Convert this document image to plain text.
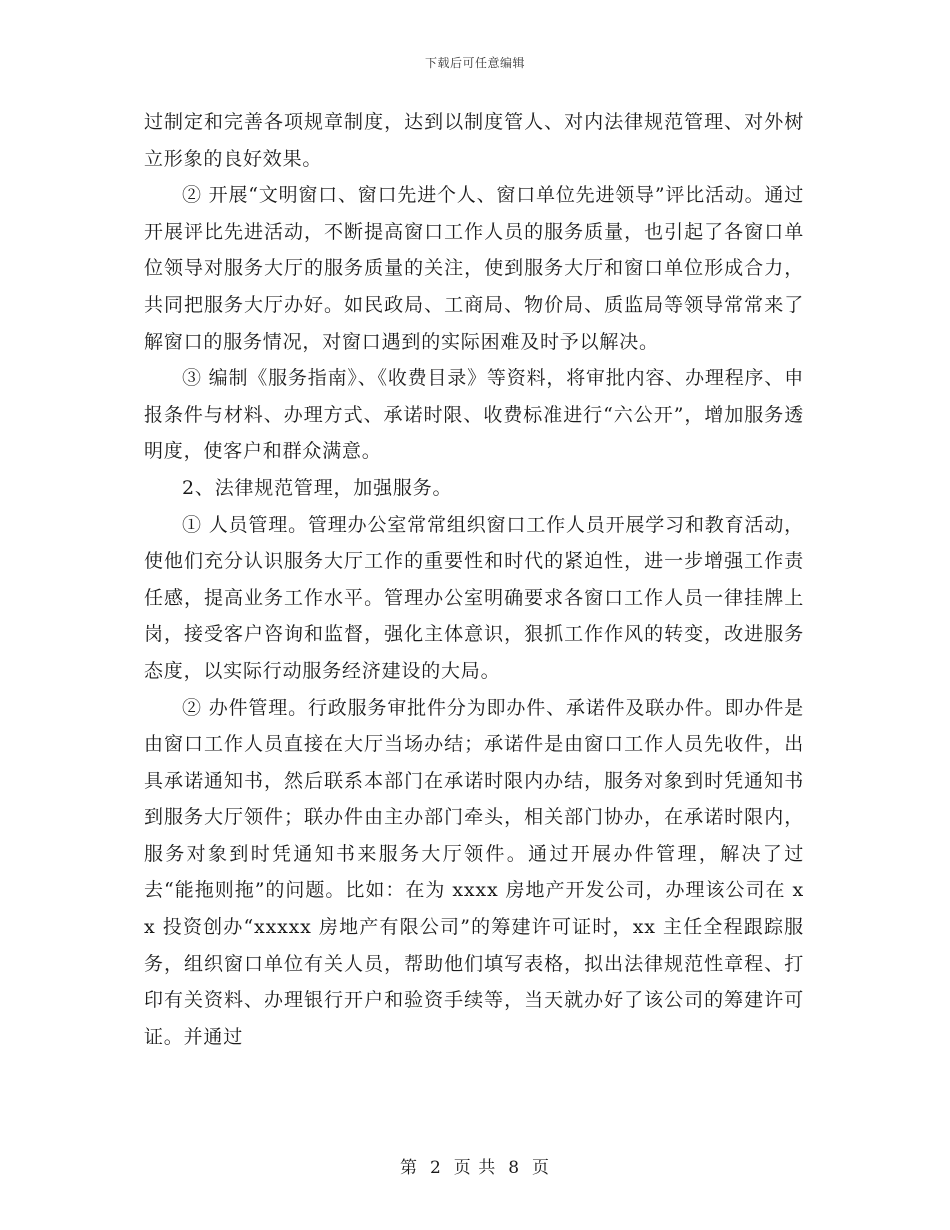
下载后可任意编辑

过制定和完善各项规章制度，达到以制度管人、对内法律规范管理、对外树立形象的良好效果。

② 开展“文明窗口、窗口先进个人、窗口单位先进领导”评比活动。通过开展评比先进活动，不断提高窗口工作人员的服务质量，也引起了各窗口单位领导对服务大厅的服务质量的关注，使到服务大厅和窗口单位形成合力，共同把服务大厅办好。如民政局、工商局、物价局、质监局等领导常常来了解窗口的服务情况，对窗口遇到的实际困难及时予以解决。

③ 编制《服务指南》、《收费目录》等资料，将审批内容、办理程序、申报条件与材料、办理方式、承诺时限、收费标准进行“六公开”，增加服务透明度，使客户和群众满意。

2、法律规范管理，加强服务。

① 人员管理。管理办公室常常组织窗口工作人员开展学习和教育活动，使他们充分认识服务大厅工作的重要性和时代的紧迫性，进一步增强工作责任感，提高业务工作水平。管理办公室明确要求各窗口工作人员一律挂牌上岗，接受客户咨询和监督，强化主体意识，狠抓工作作风的转变，改进服务态度，以实际行动服务经济建设的大局。

② 办件管理。行政服务审批件分为即办件、承诺件及联办件。即办件是由窗口工作人员直接在大厅当场办结；承诺件是由窗口工作人员先收件，出具承诺通知书，然后联系本部门在承诺时限内办结，服务对象到时凭通知书到服务大厅领件；联办件由主办部门牵头，相关部门协办，在承诺时限内，服务对象到时凭通知书来服务大厅领件。通过开展办件管理，解决了过去“能拖则拖”的问题。比如：在为 xxxx 房地产开发公司，办理该公司在 xx 投资创办“xxxxx 房地产有限公司”的筹建许可证时，xx 主任全程跟踪服务，组织窗口单位有关人员，帮助他们填写表格，拟出法律规范性章程、打印有关资料、办理银行开户和验资手续等，当天就办好了该公司的筹建许可证。并通过

第 2 页 共 8 页
